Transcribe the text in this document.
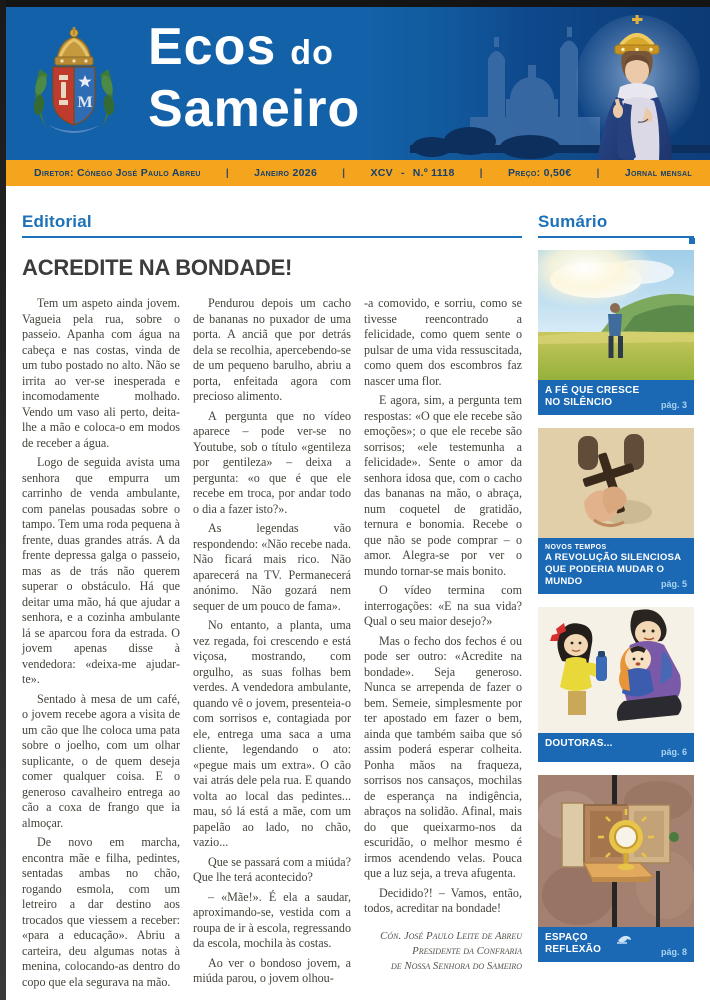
M
Ecos do
Sameiro
Diretor: Cónego José Paulo Abreu | Janeiro 2026 | XCV - N.º 1118 | Preço: 0,50€ | Jornal mensal
Editorial
ACREDITE NA BONDADE!

Tem um aspeto ainda jovem. Vagueia pela rua, sobre o passeio. Apanha com água na cabeça e nas costas, vinda de um tubo postado no alto. Não se irrita ao ver-se inesperada e incomodamente molhado. Vendo um vaso ali perto, deita-lhe a mão e coloca-o em modos de receber a água.

Logo de seguida avista uma senhora que empurra um carrinho de venda ambulante, com panelas pousadas sobre o tampo. Tem uma roda pequena à frente, duas grandes atrás. A da frente depressa galga o passeio, mas as de trás não querem superar o obstáculo. Há que deitar uma mão, há que ajudar a senhora, e a cozinha ambulante lá se aparcou fora da estrada. O jovem apenas disse à vendedora: «deixa-me ajudar-te».

Sentado à mesa de um café, o jovem recebe agora a visita de um cão que lhe coloca uma pata sobre o joelho, com um olhar suplicante, o de quem deseja comer qualquer coisa. E o generoso cavalheiro entrega ao cão a coxa de frango que ia almoçar.

De novo em marcha, encontra mãe e filha, pedintes, sentadas ambas no chão, rogando esmola, com um letreiro a dar destino aos trocados que viessem a receber: «para a educação». Abriu a carteira, deu algumas notas à menina, colocando-as dentro do copo que ela segurava na mão.

Pendurou depois um cacho de bananas no puxador de uma porta. A anciã que por detrás dela se recolhia, apercebendo-se de um pequeno barulho, abriu a porta, enfeitada agora com precioso alimento.

A pergunta que no vídeo aparece – pode ver-se no Youtube, sob o título «gentileza por gentileza» – deixa a pergunta: «o que é que ele recebe em troca, por andar todo o dia a fazer isto?».

As legendas vão respondendo: «Não recebe nada. Não ficará mais rico. Não aparecerá na TV. Permanecerá anónimo. Não gozará nem sequer de um pouco de fama».

No entanto, a planta, uma vez regada, foi crescendo e está viçosa, mostrando, com orgulho, as suas folhas bem verdes. A vendedora ambulante, quando vê o jovem, presenteia-o com sorrisos e, contagiada por ele, entrega uma saca a uma cliente, legendando o ato: «pegue mais um extra». O cão vai atrás dele pela rua. E quando volta ao local das pedintes... mau, só lá está a mãe, com um papelão ao lado, no chão, vazio...

Que se passará com a miúda? Que lhe terá acontecido?

– «Mãe!». É ela a saudar, aproximando-se, vestida com a roupa de ir à escola, regressando da escola, mochila às costas.

Ao ver o bondoso jovem, a miúda parou, o jovem olhou-

-a comovido, e sorriu, como se tivesse reencontrado a felicidade, como quem sente o pulsar de uma vida ressuscitada, como quem dos escombros faz nascer uma flor.

E agora, sim, a pergunta tem respostas: «O que ele recebe são emoções»; o que ele recebe são sorrisos; «ele testemunha a felicidade». Sente o amor da senhora idosa que, com o cacho das bananas na mão, o abraça, num coquetel de gratidão, ternura e bonomia. Recebe o que não se pode comprar – o amor. Alegra-se por ver o mundo tornar-se mais bonito.

O vídeo termina com interrogações: «E na sua vida? Qual o seu maior desejo?»

Mas o fecho dos fechos é ou pode ser outro: «Acredite na bondade». Seja generoso. Nunca se arrependa de fazer o bem. Semeie, simplesmente por ter apostado em fazer o bem, ainda que também saiba que só assim poderá esperar colheita. Ponha mãos na fraqueza, sorrisos nos cansaços, mochilas de esperança na indigência, abraços na solidão. Afinal, mais do que queixarmo-nos da escuridão, o melhor mesmo é irmos acendendo velas. Pouca que a luz seja, a treva afugenta.

Decidido?! – Vamos, então, todos, acreditar na bondade!

Cón. José Paulo Leite de Abreu
Presidente da Confraria
de Nossa Senhora do Sameiro
Sumário
A FÉ QUE CRESCE NO SILÊNCIO	pág. 3
NOVOS TEMPOS
A REVOLUÇÃO SILENCIOSA QUE PODERIA MUDAR O MUNDO	pág. 5
DOUTORAS...
pág. 6
ESPAÇO REFLEXÃO	pág. 8
